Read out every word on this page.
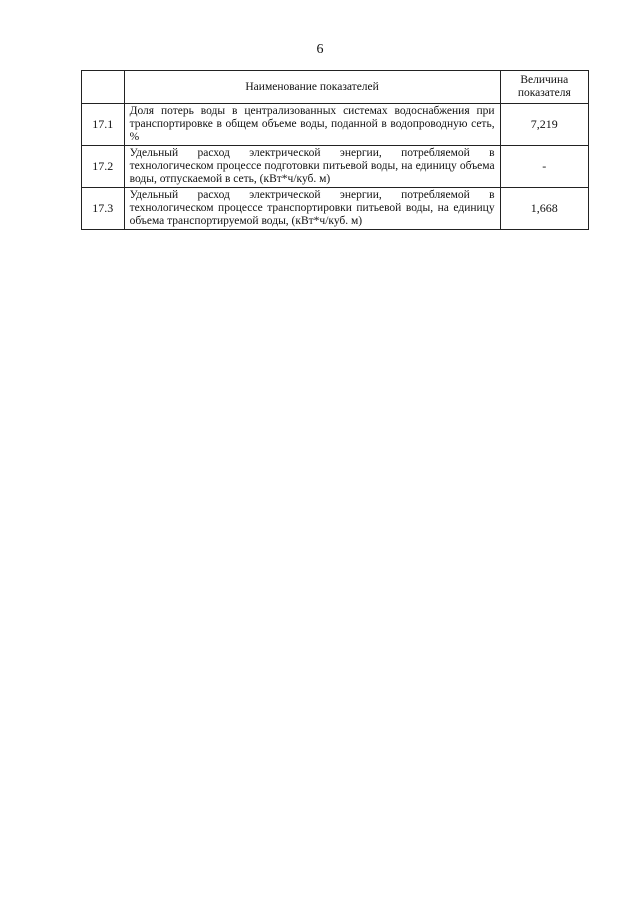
6
	Наименование показателей	Величина показателя
17.1	Доля потерь воды в централизованных системах водоснабжения при транспортировке в общем объеме воды, поданной в водопроводную сеть, %	7,219
17.2	Удельный расход электрической энергии, потребляемой в технологическом процессе подготовки питьевой воды, на единицу объема воды, отпускаемой в сеть, (кВт*ч/куб. м)	-
17.3	Удельный расход электрической энергии, потребляемой в технологическом процессе транспортировки питьевой воды, на единицу объема транспортируемой воды, (кВт*ч/куб. м)	1,668
